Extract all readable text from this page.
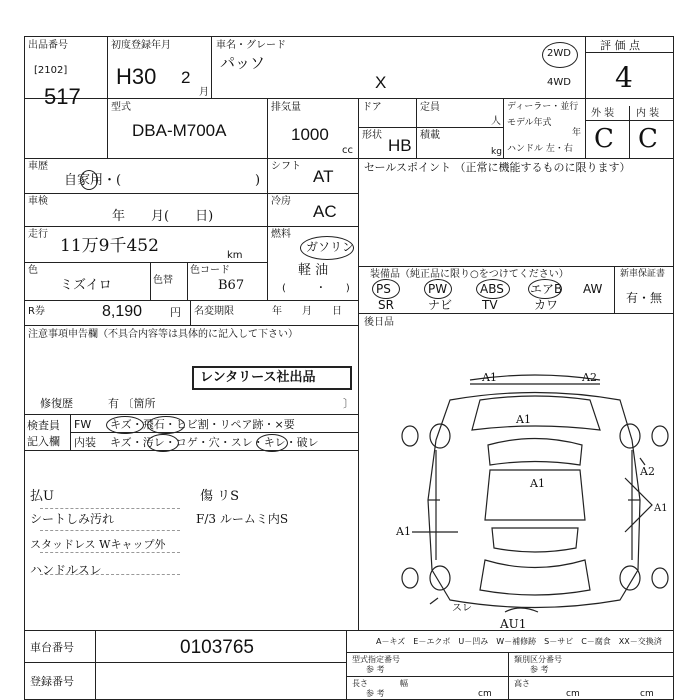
出品番号
[2102]
517
初度登録年月
H30 2
月
車名・グレード
パッソ
X
2WD
4WD
評 価 点
4
型式
DBA-M700A
排気量
1000
cc
ドア	定員
人
形状
HB
積載
kg
ディーラー・並行
モデル年式
年
ハンドル 左・右
外 装 内 装
C C
車歴
自家用・(	)
シフト
AT	セールスポイント （正常に機能するものに限ります）
車検
年　　月(　　日)
冷房
AC
走行
11万9千452	km
燃料
ガソリン
軽 油
(　　　・　　)
色
ミズイロ	色替
色コード
B67
装備品（純正品に限り○をつけてください）
PS	PW	ABS エアB AW
SR	ナビ TV	カワ
新車保証書
有・無
R券	8,190	円 名変期限	年　　月　　日
後日品
注意事項申告欄（不具合内容等は具体的に記入して下さい）
レンタリース社出品
修復歴	有 〔箇所	〕
検査員
記入欄
FW キズ・飛石・ヒビ割・リペア跡・×要
内装 キズ・汚レ・コゲ・穴・スレ・キレ・破レ
払U
シートしみ汚れ
スタッドレス Wキャップ外
ハンドルスレ
傷 リS
F/3 ルームミ内S
A1	A2
A1
A1
A2
A1
A1
スレ
AU1
車台番号	0103765
登録番号
A－キズ　E－エクボ　U－凹み　W－補修跡　S－サビ　C－腐食　XX－交換済
型式指定番号
参 考
類別区分番号
参 考
長さ
参 考	cm
幅	高さ
cm
cm
